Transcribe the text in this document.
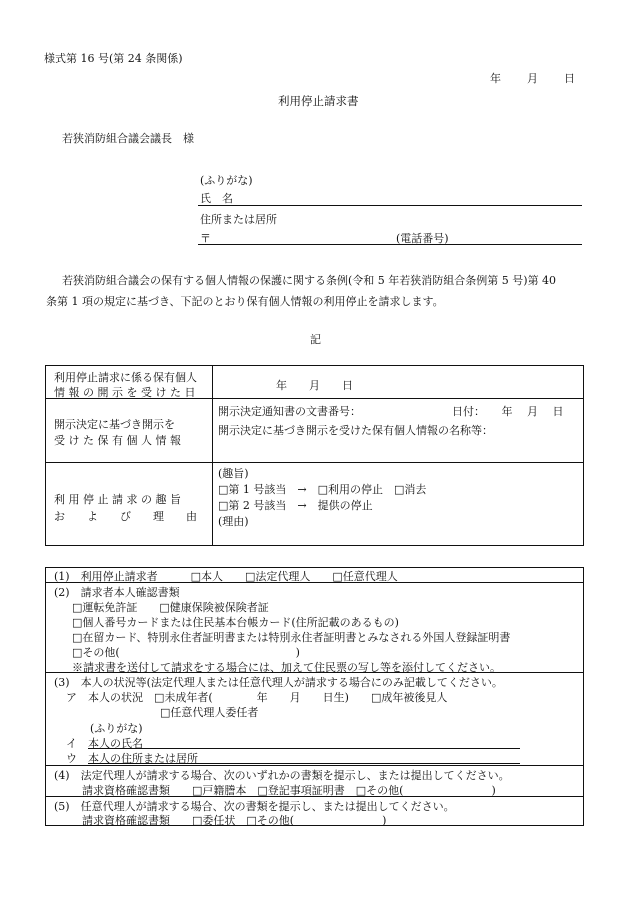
様式第 16 号(第 24 条関係)
年 月 日
利用停止請求書
若狭消防組合議会議長　様
(ふりがな)
氏　名
住所または居所
〒	(電話番号)
若狭消防組合議会の保有する個人情報の保護に関する条例(令和 5 年若狭消防組合条例第 5 号)第 40
条第 1 項の規定に基づき、下記のとおり保有個人情報の利用停止を請求します。
記
利用停止請求に係る保有個人
情 報 の 開 示 を 受 け た 日
年　　月　　日
開示決定に基づき開示を
受 け た 保 有 個 人 情 報
開示決定通知書の文書番号：	日付：　　年　 月　 日
開示決定に基づき開示を受けた保有個人情報の名称等：
利 用 停 止 請 求 の 趣 旨
お　　よ　　び　　理　　由
(趣旨)
□第 1 号該当　→　□利用の停止　□消去
□第 2 号該当　→　提供の停止
(理由)
(1)　利用停止請求者　　　□本人　　□法定代理人　　□任意代理人
(2)　請求者本人確認書類
□運転免許証　　□健康保険被保険者証
□個人番号カードまたは住民基本台帳カード(住所記載のあるもの)
□在留カード、特別永住者証明書または特別永住者証明書とみなされる外国人登録証明書
□その他(　　　　　　　　　　　　　　　　)
※請求書を送付して請求をする場合には、加えて住民票の写し等を添付してください。
(3)　本人の状況等(法定代理人または任意代理人が請求する場合にのみ記載してください。
ア　本人の状況　□未成年者(　　　　年　　月　　日生)　　□成年被後見人
□任意代理人委任者
(ふりがな)
イ　本人の氏名
ウ　本人の住所または居所
(4)　法定代理人が請求する場合、次のいずれかの書類を提示し、または提出してください。
請求資格確認書類　　□戸籍謄本　□登記事項証明書　□その他(　　　　　　　　)
(5)　任意代理人が請求する場合、次の書類を提示し、または提出してください。
請求資格確認書類　　□委任状　□その他(　　　　　　　　)
